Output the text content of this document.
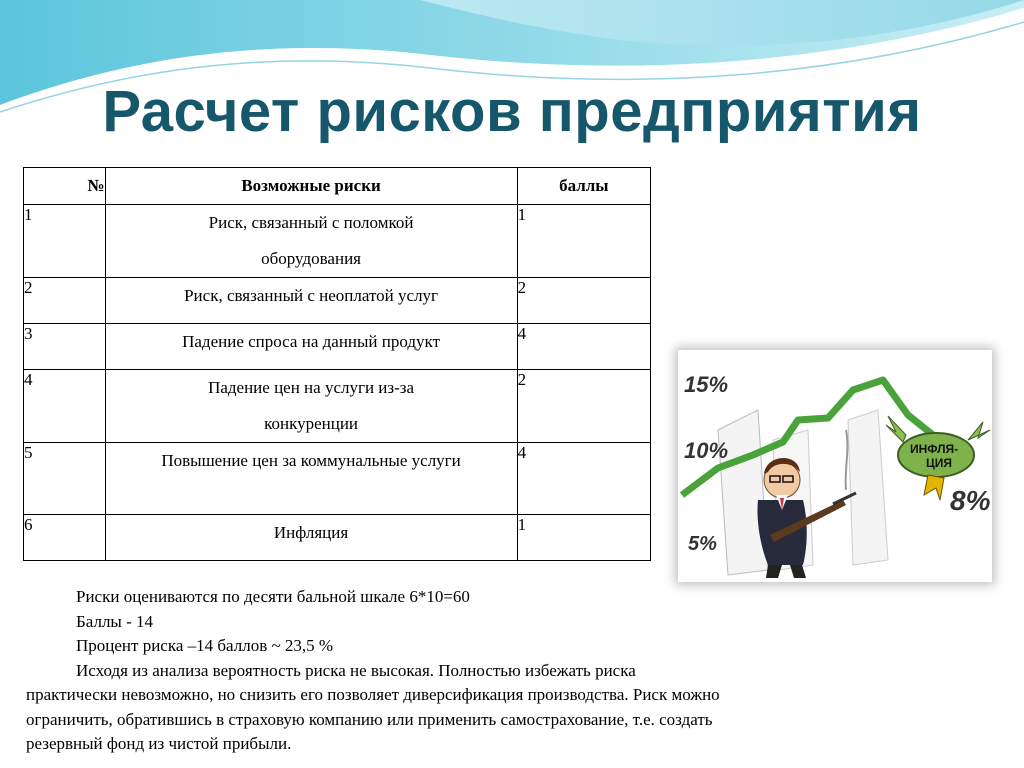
Расчет рисков предприятия
№	Возможные риски	баллы
1	Риск, связанный с поломкой оборудования	1
2	Риск, связанный с неоплатой услуг	2
3	Падение спроса на данный продукт	4
4	Падение цен на услуги из-за конкуренции	2
5	Повышение цен за коммунальные услуги	4
6	Инфляция	1
15%
10%
5%
8%
ИНФЛЯ-
ЦИЯ

Риски оцениваются по десяти бальной шкале 6*10=60

Баллы - 14

Процент риска –14 баллов ~ 23,5 %

Исходя из анализа вероятность риска не высокая. Полностью избежать риска практически невозможно, но снизить его позволяет диверсификация производства. Риск можно ограничить, обратившись в страховую компанию или применить самострахование, т.е. создать резервный фонд из чистой прибыли.
